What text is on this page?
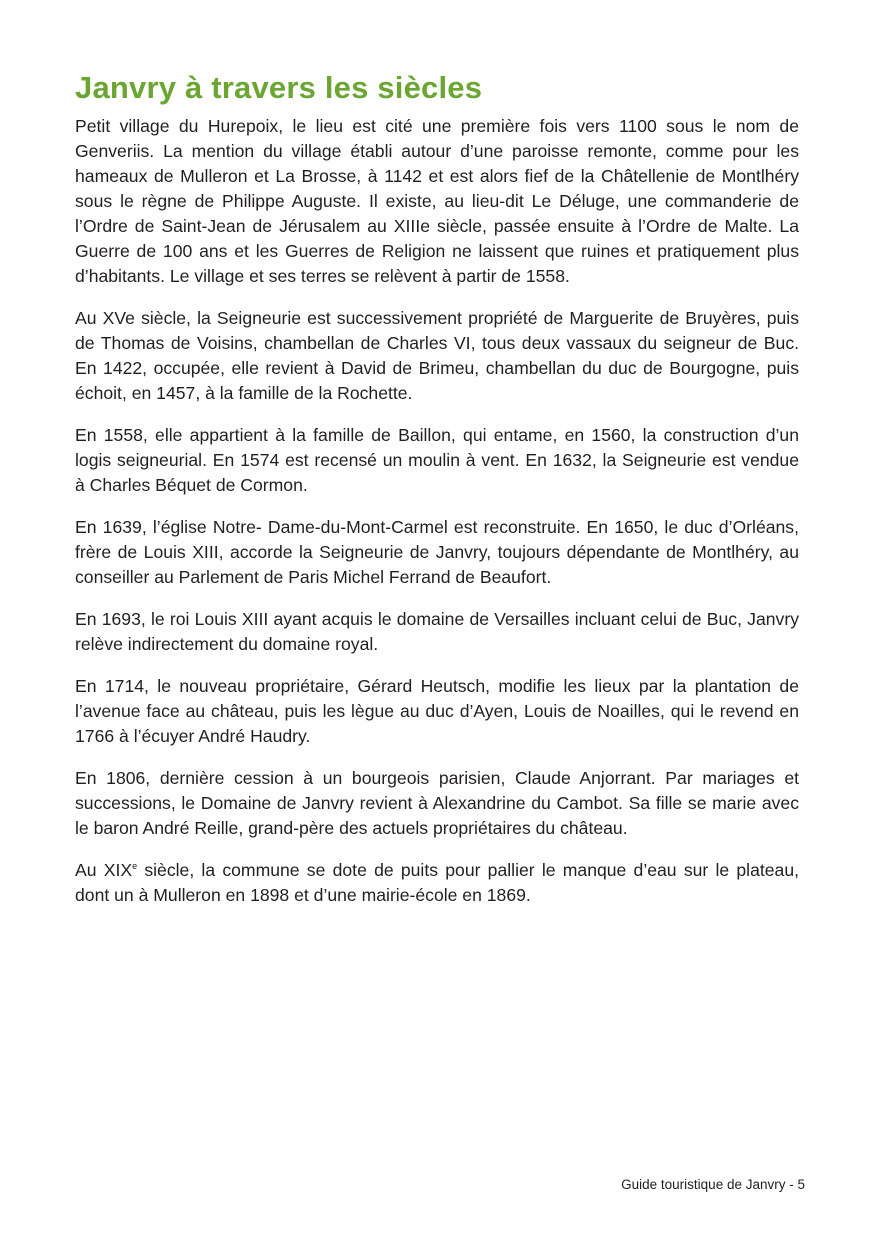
Janvry à travers les siècles

Petit village du Hurepoix, le lieu est cité une première fois vers 1100 sous le nom de Genveriis. La mention du village établi autour d’une paroisse remonte, comme pour les hameaux de Mulleron et La Brosse, à 1142 et est alors fief de la Châtellenie de Montlhéry sous le règne de Philippe Auguste. Il existe, au lieu-dit Le Déluge, une commanderie de l’Ordre de Saint-Jean de Jérusalem au XIIIe siècle, passée ensuite à l’Ordre de Malte. La Guerre de 100 ans et les Guerres de Religion ne laissent que ruines et pratiquement plus d’habitants. Le village et ses terres se relèvent à partir de 1558.

Au XVe siècle, la Seigneurie est successivement propriété de Marguerite de Bruyères, puis de Thomas de Voisins, chambellan de Charles VI, tous deux vassaux du seigneur de Buc. En 1422, occupée, elle revient à David de Brimeu, chambellan du duc de Bourgogne, puis échoit, en 1457, à la famille de la Rochette.

En 1558, elle appartient à la famille de Baillon, qui entame, en 1560, la construction d’un logis seigneurial. En 1574 est recensé un moulin à vent. En 1632, la Seigneurie est vendue à Charles Béquet de Cormon.

En 1639, l’église Notre- Dame-du-Mont-Carmel est reconstruite. En 1650, le duc d’Orléans, frère de Louis XIII, accorde la Seigneurie de Janvry, toujours dépendante de Montlhéry, au conseiller au Parlement de Paris Michel Ferrand de Beaufort.

En 1693, le roi Louis XIII ayant acquis le domaine de Versailles incluant celui de Buc, Janvry relève indirectement du domaine royal.

En 1714, le nouveau propriétaire, Gérard Heutsch, modifie les lieux par la plantation de l’avenue face au château, puis les lègue au duc d’Ayen, Louis de Noailles, qui le revend en 1766 à l’écuyer André Haudry.

En 1806, dernière cession à un bourgeois parisien, Claude Anjorrant. Par mariages et successions, le Domaine de Janvry revient à Alexandrine du Cambot. Sa fille se marie avec le baron André Reille, grand-père des actuels propriétaires du château.

Au XIXe siècle, la commune se dote de puits pour pallier le manque d’eau sur le plateau, dont un à Mulleron en 1898 et d’une mairie-école en 1869.

Guide touristique de Janvry - 5
